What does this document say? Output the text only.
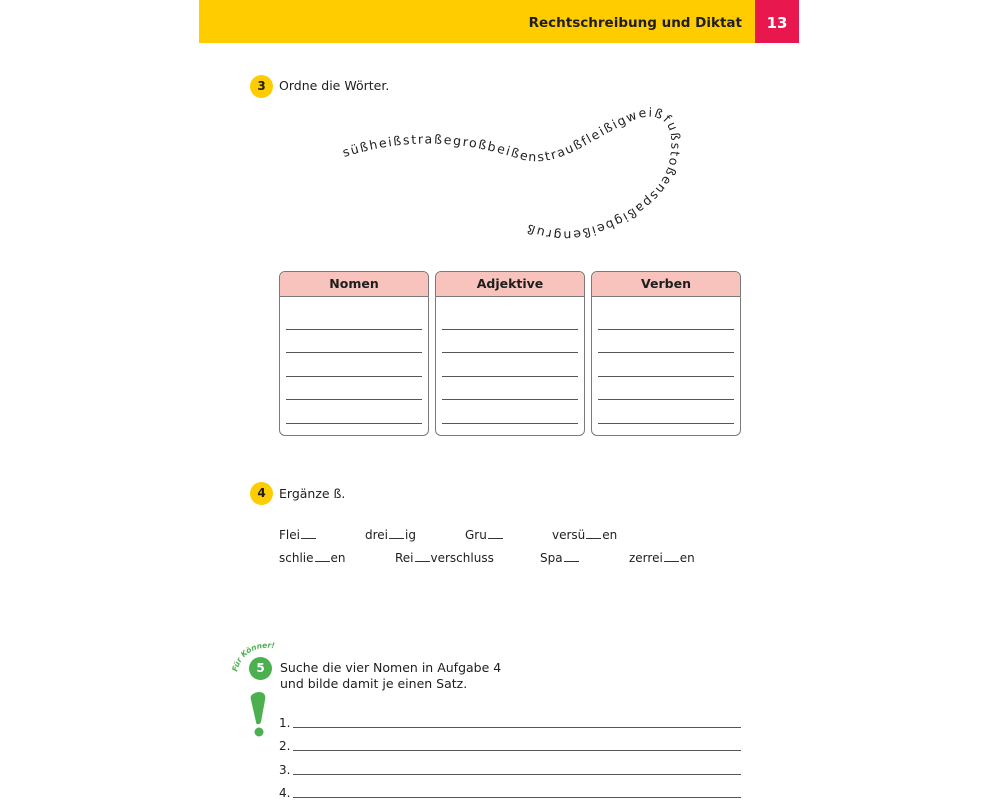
Rechtschreibung und Diktat	13
3	Ordne die Wörter.
süßheißstraßegroßbeißenstraußfleißigweißfußstoßenspaßigbeißengruß
Nomen	Adjektive	Verben
4	Ergänze ß.
Flei	drei ig	Gru	versü en
schlie en	Rei verschluss	Spa	zerrei en
Für Könner!
5	Suche die vier Nomen in Aufgabe 4
und bilde damit je einen Satz.
1.
2.
3.
4.
